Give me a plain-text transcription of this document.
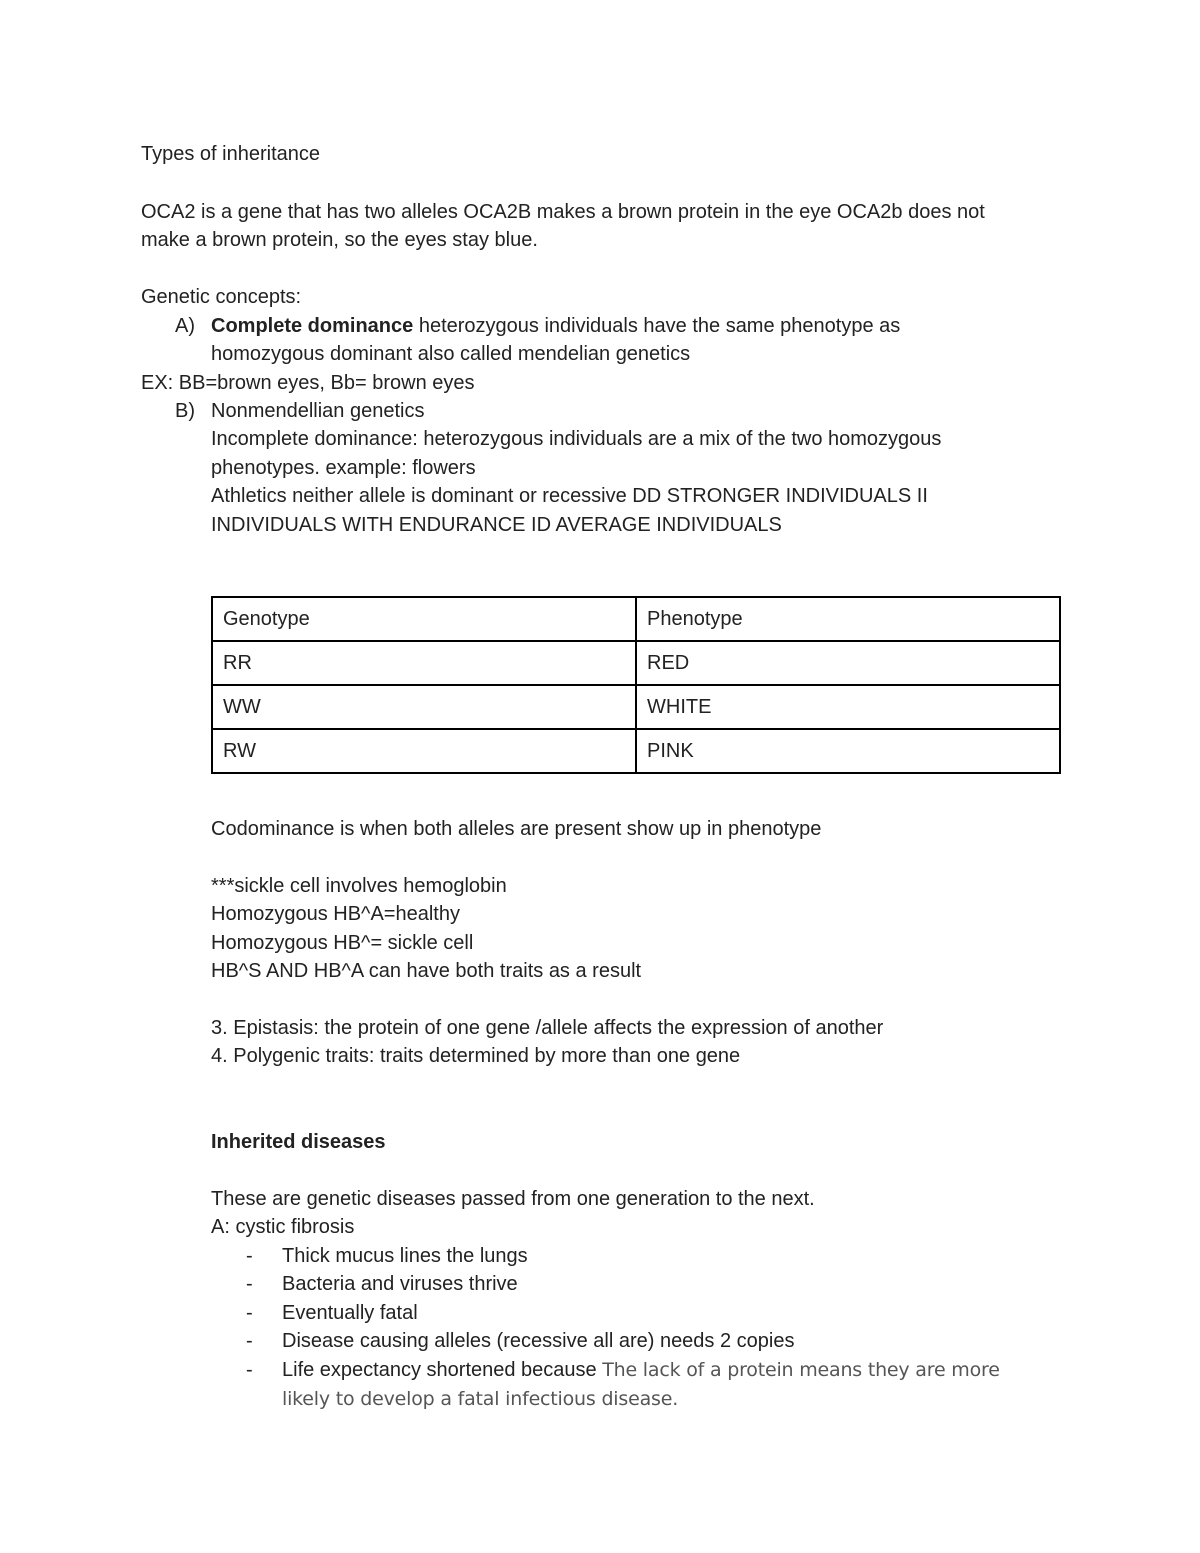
Types of inheritance
OCA2 is a gene that has two alleles OCA2B makes a brown protein in the eye OCA2b does not
make a brown protein, so the eyes stay blue.
Genetic concepts:
A) Complete dominance heterozygous individuals have the same phenotype as
homozygous dominant also called mendelian genetics
EX: BB=brown eyes, Bb= brown eyes
B) Nonmendellian genetics
Incomplete dominance: heterozygous individuals are a mix of the two homozygous
phenotypes. example: flowers
Athletics neither allele is dominant or recessive DD STRONGER INDIVIDUALS II
INDIVIDUALS WITH ENDURANCE ID AVERAGE INDIVIDUALS
Genotype	Phenotype
RR	RED
WW	WHITE
RW	PINK
Codominance is when both alleles are present show up in phenotype
***sickle cell involves hemoglobin
Homozygous HB^A=healthy
Homozygous HB^= sickle cell
HB^S AND HB^A can have both traits as a result
3. Epistasis: the protein of one gene /allele affects the expression of another
4. Polygenic traits: traits determined by more than one gene
Inherited diseases
These are genetic diseases passed from one generation to the next.
A: cystic fibrosis
- Thick mucus lines the lungs
- Bacteria and viruses thrive
- Eventually fatal
- Disease causing alleles (recessive all are) needs 2 copies
- Life expectancy shortened because The lack of a protein means they are more
likely to develop a fatal infectious disease.
